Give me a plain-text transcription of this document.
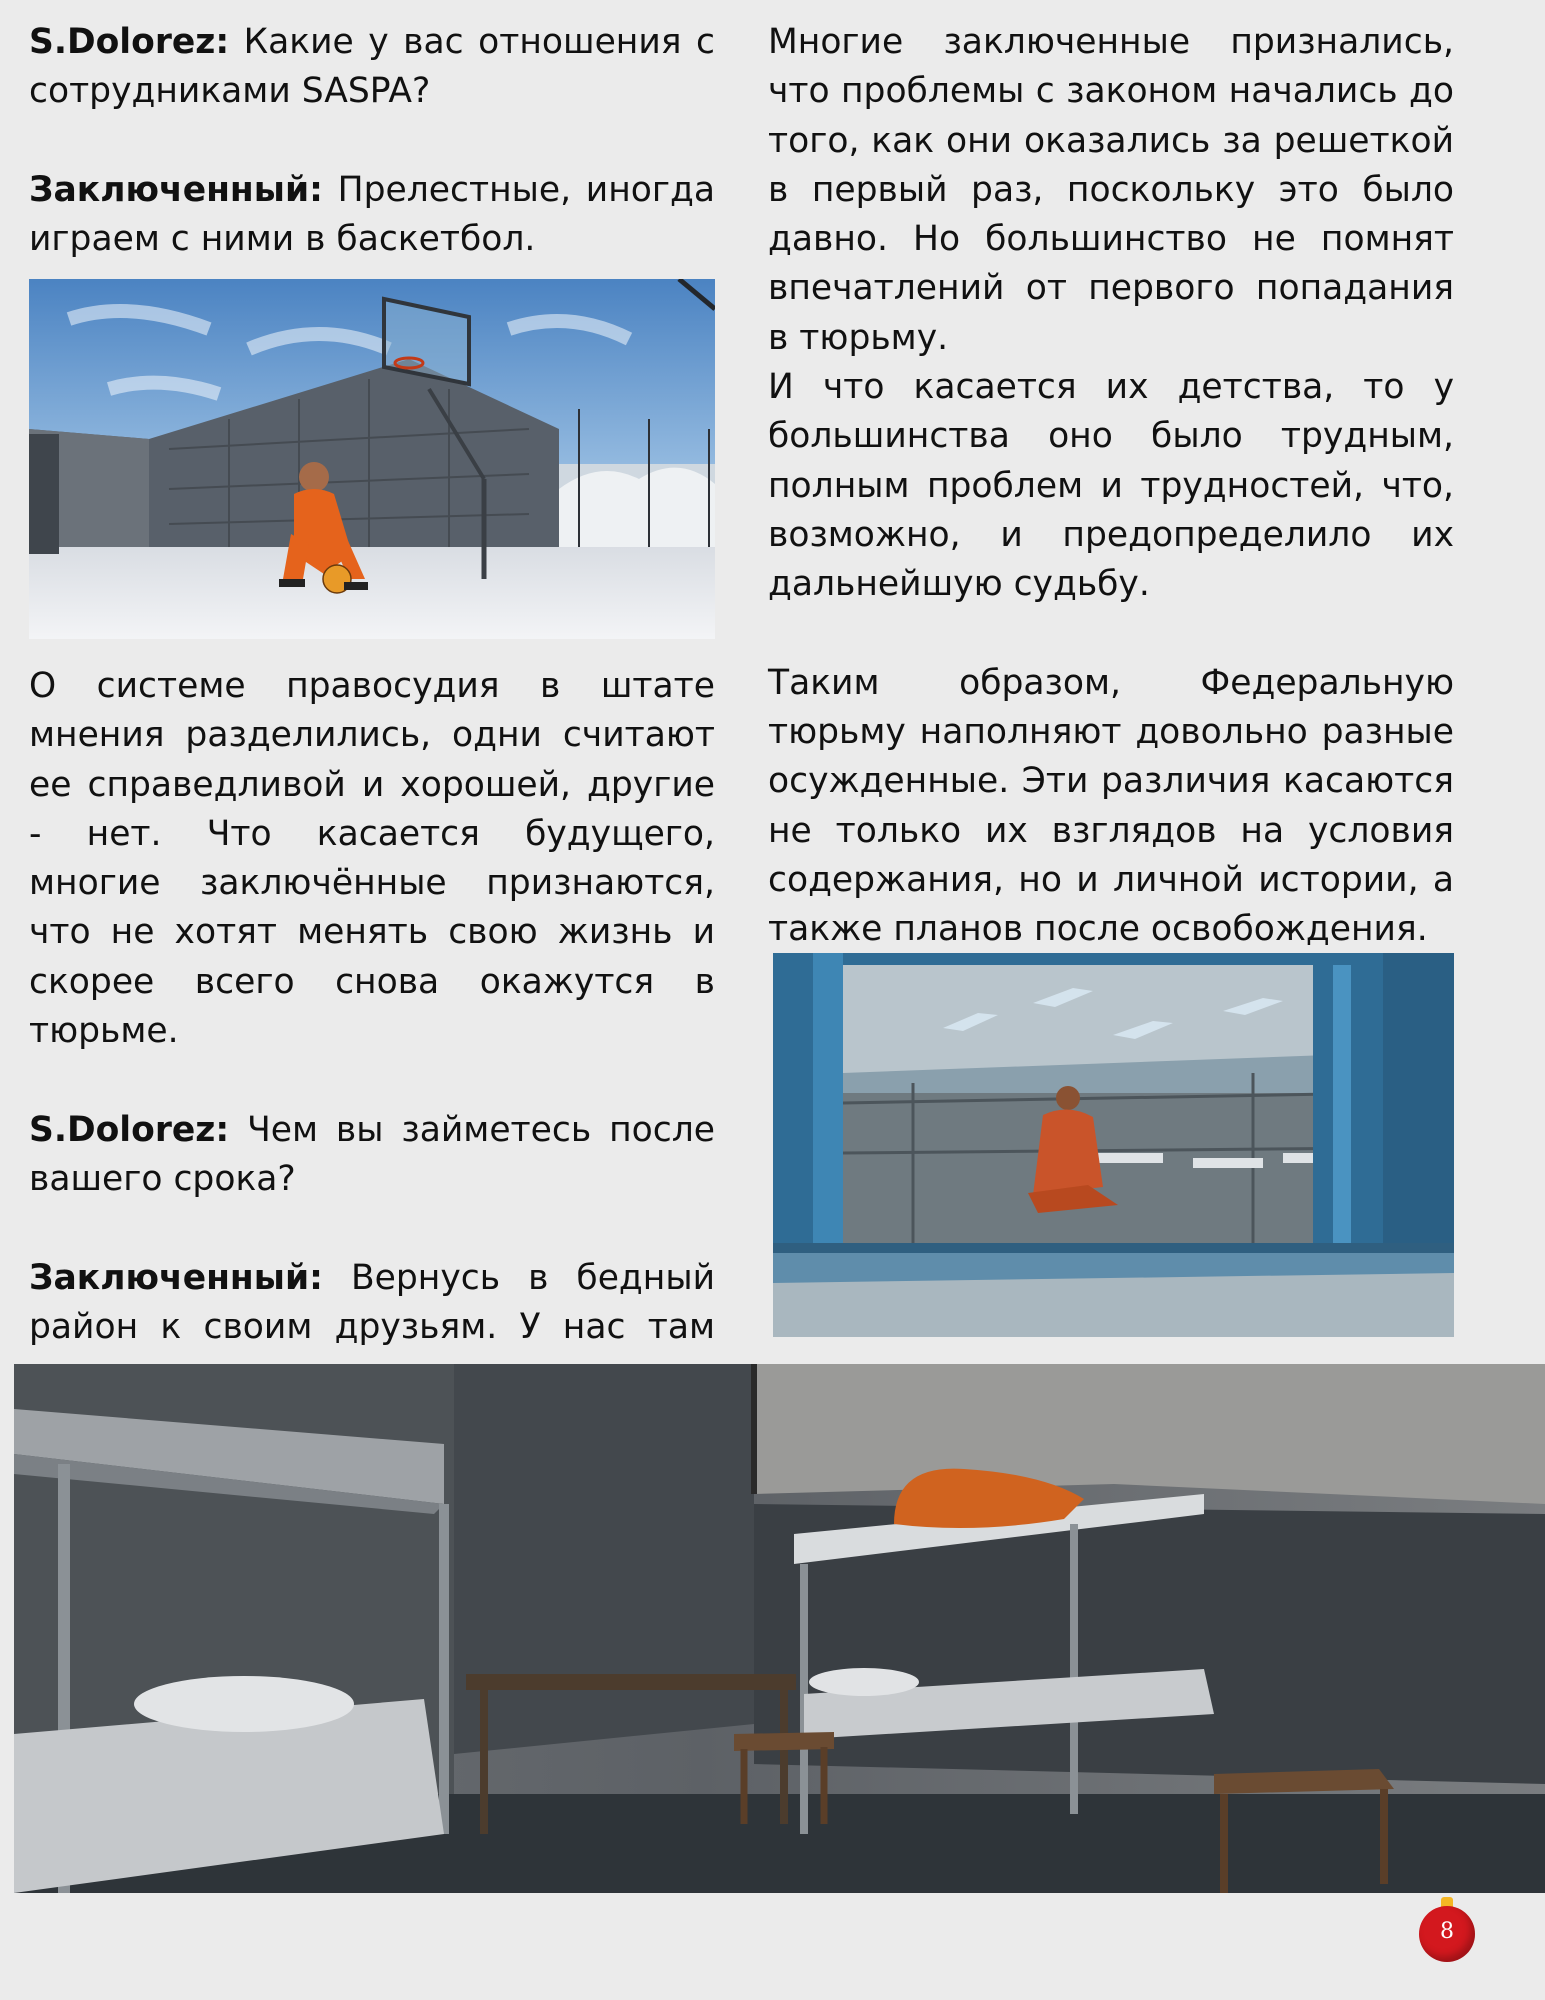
S.Dolorez: Какие у вас отношения с сотрудниками SASPA?

Заключенный: Прелестные, иногда играем с ними в баскетбол.

О системе правосудия в штате мнения разделились, одни считают ее справедливой и хорошей, другие - нет. Что касается будущего, многие заключённые признаются, что не хотят менять свою жизнь и скорее всего снова окажутся в тюрьме.

S.Dolorez: Чем вы займетесь после вашего срока?

Заключенный: Вернусь в бедный район к своим друзьям. У нас там

Многие заключенные признались, что проблемы с законом начались до того, как они оказались за решеткой в первый раз, поскольку это было давно. Но большинство не помнят впечатлений от первого попадания в тюрьму.

И что касается их детства, то у большинства оно было трудным, полным проблем и трудностей, что, возможно, и предопределило их дальнейшую судьбу.

Таким образом, Федеральную тюрьму наполняют довольно разные осужденные. Эти различия касаются не только их взглядов на условия содержания, но и личной истории, а также планов после освобождения.

8
